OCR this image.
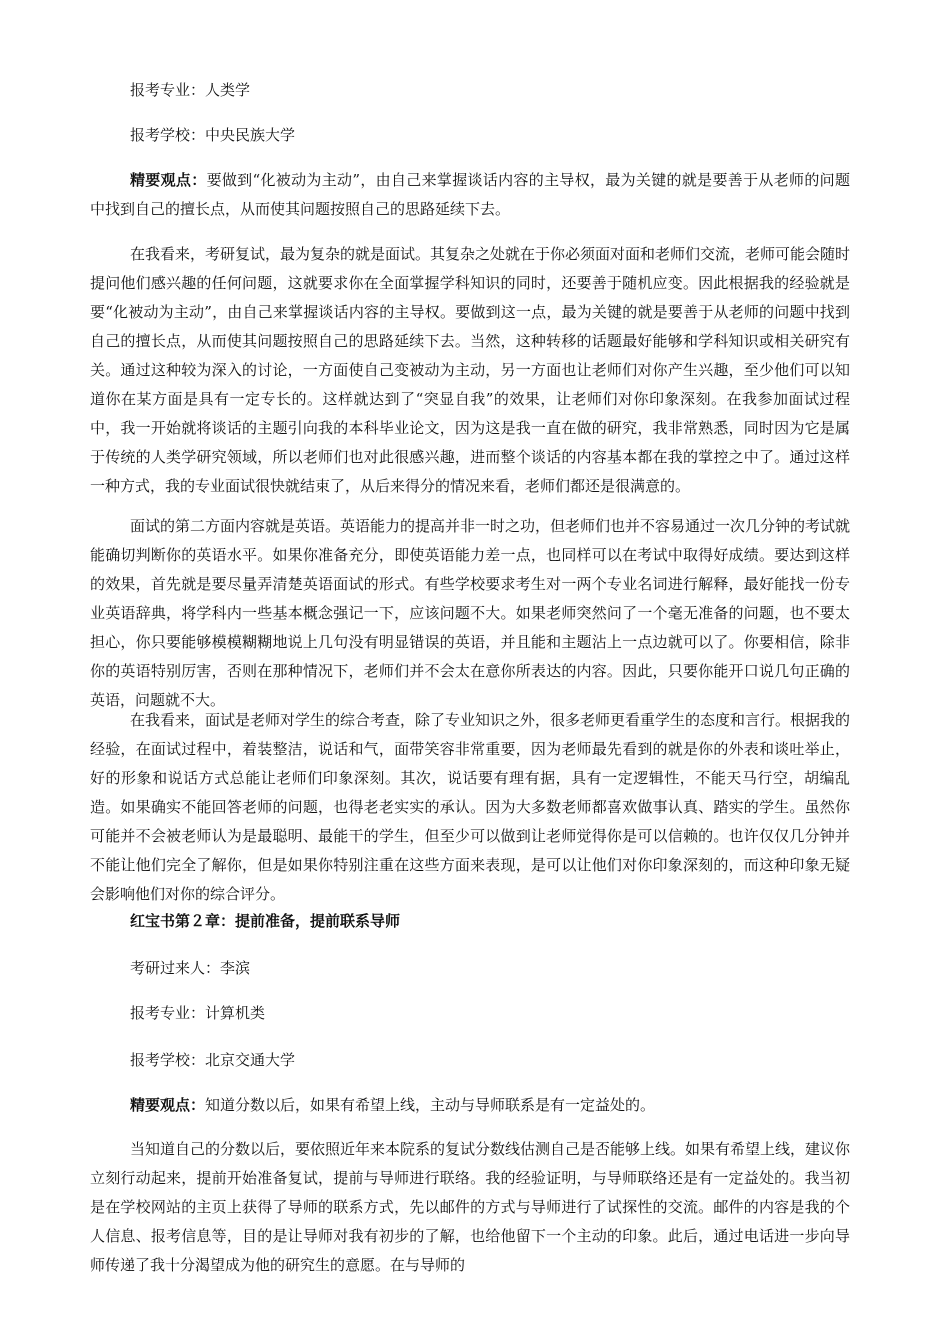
报考专业：人类学
报考学校：中央民族大学

精要观点：要做到“化被动为主动”，由自己来掌握谈话内容的主导权，最为关键的就是要善于从老师的问题中找到自己的擅长点，从而使其问题按照自己的思路延续下去。

在我看来，考研复试，最为复杂的就是面试。其复杂之处就在于你必须面对面和老师们交流，老师可能会随时提问他们感兴趣的任何问题，这就要求你在全面掌握学科知识的同时，还要善于随机应变。因此根据我的经验就是要“化被动为主动”，由自己来掌握谈话内容的主导权。要做到这一点，最为关键的就是要善于从老师的问题中找到自己的擅长点，从而使其问题按照自己的思路延续下去。当然，这种转移的话题最好能够和学科知识或相关研究有关。通过这种较为深入的讨论，一方面使自己变被动为主动，另一方面也让老师们对你产生兴趣，至少他们可以知道你在某方面是具有一定专长的。这样就达到了“突显自我”的效果，让老师们对你印象深刻。在我参加面试过程中，我一开始就将谈话的主题引向我的本科毕业论文，因为这是我一直在做的研究，我非常熟悉，同时因为它是属于传统的人类学研究领域，所以老师们也对此很感兴趣，进而整个谈话的内容基本都在我的掌控之中了。通过这样一种方式，我的专业面试很快就结束了，从后来得分的情况来看，老师们都还是很满意的。

面试的第二方面内容就是英语。英语能力的提高并非一时之功，但老师们也并不容易通过一次几分钟的考试就能确切判断你的英语水平。如果你准备充分，即使英语能力差一点，也同样可以在考试中取得好成绩。要达到这样的效果，首先就是要尽量弄清楚英语面试的形式。有些学校要求考生对一两个专业名词进行解释，最好能找一份专业英语辞典，将学科内一些基本概念强记一下，应该问题不大。如果老师突然问了一个毫无准备的问题，也不要太担心，你只要能够模模糊糊地说上几句没有明显错误的英语，并且能和主题沾上一点边就可以了。你要相信，除非你的英语特别厉害，否则在那种情况下，老师们并不会太在意你所表达的内容。因此，只要你能开口说几句正确的英语，问题就不大。

在我看来，面试是老师对学生的综合考查，除了专业知识之外，很多老师更看重学生的态度和言行。根据我的经验，在面试过程中，着装整洁，说话和气，面带笑容非常重要，因为老师最先看到的就是你的外表和谈吐举止，好的形象和说话方式总能让老师们印象深刻。其次，说话要有理有据，具有一定逻辑性，不能天马行空，胡编乱造。如果确实不能回答老师的问题，也得老老实实的承认。因为大多数老师都喜欢做事认真、踏实的学生。虽然你可能并不会被老师认为是最聪明、最能干的学生，但至少可以做到让老师觉得你是可以信赖的。也许仅仅几分钟并不能让他们完全了解你，但是如果你特别注重在这些方面来表现，是可以让他们对你印象深刻的，而这种印象无疑会影响他们对你的综合评分。

红宝书第２章：提前准备，提前联系导师
考研过来人：李滨
报考专业：计算机类
报考学校：北京交通大学

精要观点：知道分数以后，如果有希望上线，主动与导师联系是有一定益处的。

当知道自己的分数以后，要依照近年来本院系的复试分数线估测自己是否能够上线。如果有希望上线，建议你立刻行动起来，提前开始准备复试，提前与导师进行联络。我的经验证明，与导师联络还是有一定益处的。我当初是在学校网站的主页上获得了导师的联系方式，先以邮件的方式与导师进行了试探性的交流。邮件的内容是我的个人信息、报考信息等，目的是让导师对我有初步的了解，也给他留下一个主动的印象。此后，通过电话进一步向导师传递了我十分渴望成为他的研究生的意愿。在与导师的
